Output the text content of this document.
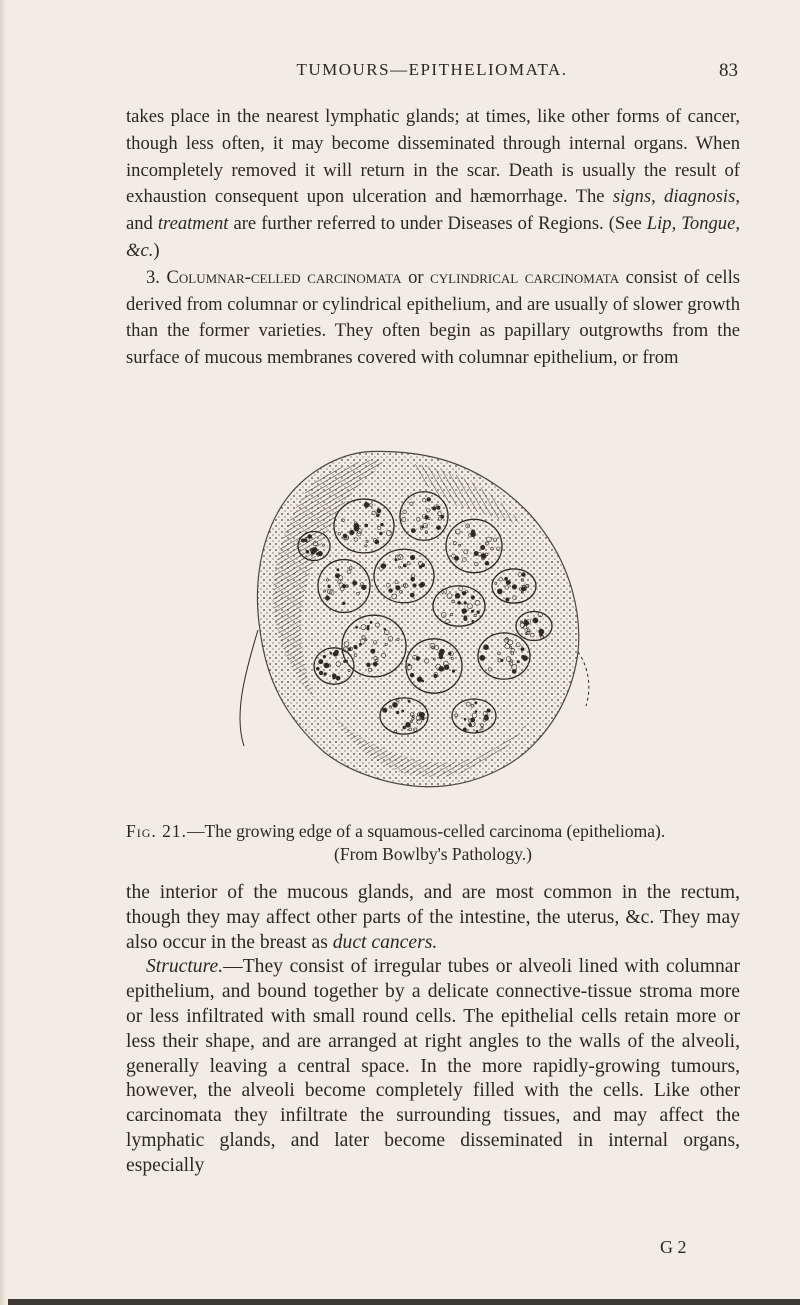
TUMOURS—EPITHELIOMATA.	83

takes place in the nearest lymphatic glands; at times, like other forms of cancer, though less often, it may become disseminated through internal organs. When incompletely removed it will return in the scar. Death is usually the result of exhaustion consequent upon ulceration and hæmorrhage. The signs, diagnosis, and treatment are further referred to under Diseases of Regions. (See Lip, Tongue, &c.)

3. Columnar-celled carcinomata or cylindrical carcinomata consist of cells derived from columnar or cylindrical epithelium, and are usually of slower growth than the former varieties. They often begin as papillary outgrowths from the surface of mucous membranes covered with columnar epithelium, or from

Fig. 21.—The growing edge of a squamous-celled carcinoma (epithelioma).
(From Bowlby's Pathology.)

the interior of the mucous glands, and are most common in the rectum, though they may affect other parts of the intestine, the uterus, &c. They may also occur in the breast as duct cancers.

Structure.—They consist of irregular tubes or alveoli lined with columnar epithelium, and bound together by a delicate connective-tissue stroma more or less infiltrated with small round cells. The epithelial cells retain more or less their shape, and are arranged at right angles to the walls of the alveoli, generally leaving a central space. In the more rapidly-growing tumours, however, the alveoli become completely filled with the cells. Like other carcinomata they infiltrate the surrounding tissues, and may affect the lymphatic glands, and later become disseminated in internal organs, especially

G 2
